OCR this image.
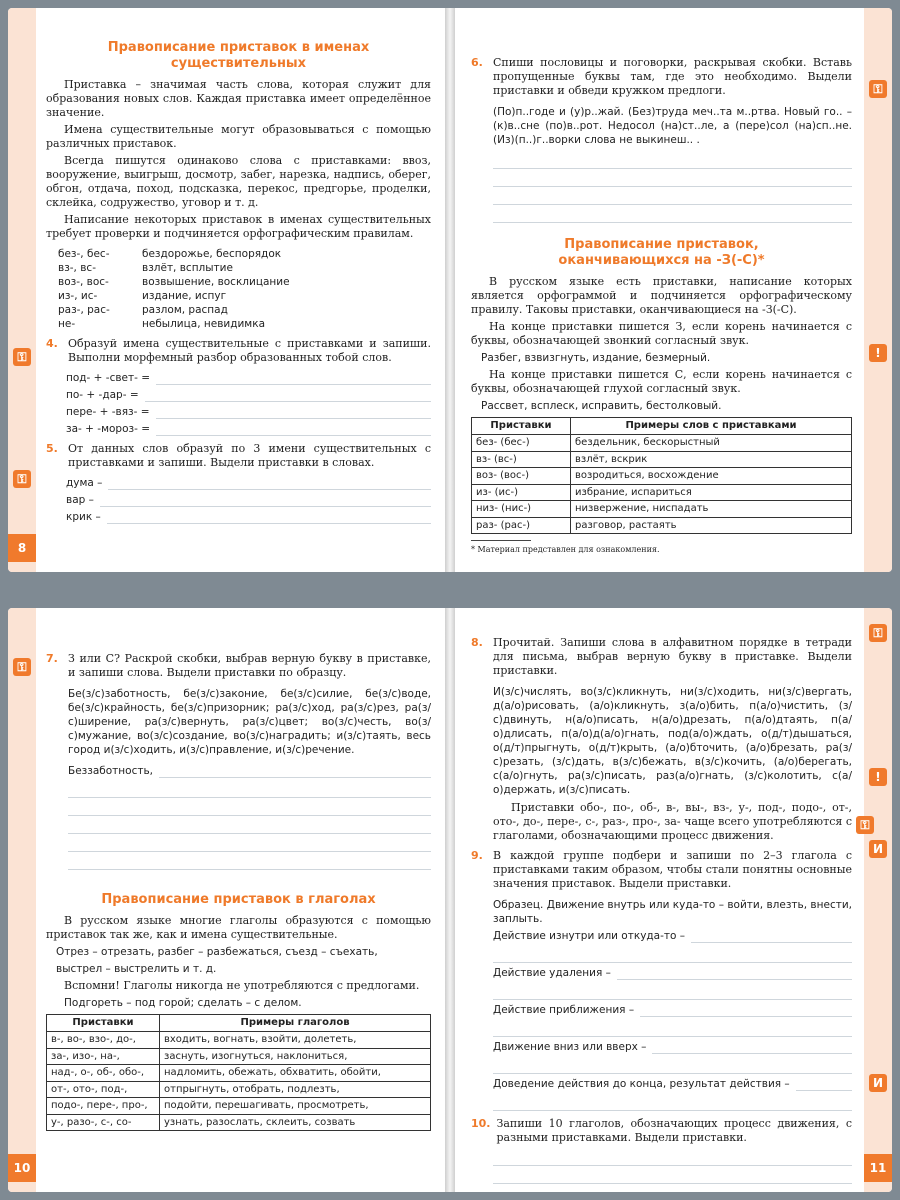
⚿
⚿
8
Правописание приставок в именах существительных

Приставка – значимая часть слова, которая служит для образования новых слов. Каждая приставка имеет определённое значение.

Имена существительные могут образовываться с помощью различных приставок.

Всегда пишутся одинаково слова с приставками: ввоз, вооружение, выигрыш, досмотр, забег, нарезка, надпись, оберег, обгон, отдача, поход, подсказка, перекос, предгорье, проделки, склейка, содружество, уговор и т. д.

Написание некоторых приставок в именах существительных требует проверки и подчиняется орфографическим правилам.

без-, бес-	бездорожье, беспорядок
вз-, вс-	взлёт, всплытие
воз-, вос-	возвышение, восклицание
из-, ис-	издание, испуг
раз-, рас-	разлом, распад
не-	небылица, невидимка
4. Образуй имена существительные с приставками и запиши. Выполни морфемный разбор образованных тобой слов.

под- + -свет- =
по- + -дар- =
пере- + -вяз- =
за- + -мороз- =
5. От данных слов образуй по 3 имени существительных с приставками и запиши. Выдели приставки в словах.

дума –
вар –
крик –
⚿
!
6. Спиши пословицы и поговорки, раскрывая скобки. Вставь пропущенные буквы там, где это необходимо. Выдели приставки и обведи кружком предлоги.

(По)п..годе и (у)р..жай. (Без)труда меч..та м..ртва. Новый го.. – (к)в..сне (по)в..рот. Недосол (на)ст..ле, а (пере)сол (на)сп..не. (Из)(п..)г..ворки слова не выкинеш.. .

Правописание приставок, оканчивающихся на -З(-С)*

В русском языке есть приставки, написание которых является орфограммой и подчиняется орфографическому правилу. Таковы приставки, оканчивающиеся на -З(-С).

На конце приставки пишется З, если корень начинается с буквы, обозначающей звонкий согласный звук.

Разбег, взвизгнуть, издание, безмерный.

На конце приставки пишется С, если корень начинается с буквы, обозначающей глухой согласный звук.

Рассвет, всплеск, исправить, бестолковый.

Приставки	Примеры слов с приставками
без- (бес-)	бездельник, бескорыстный
вз- (вс-)	взлёт, вскрик
воз- (вос-)	возродиться, восхождение
из- (ис-)	избрание, испариться
низ- (нис-)	низвержение, ниспадать
раз- (рас-)	разговор, растаять
* Материал представлен для ознакомления.
⚿
10
7. З или С? Раскрой скобки, выбрав верную букву в приставке, и запиши слова. Выдели приставки по образцу.

Бе(з/с)заботность, бе(з/с)законие, бе(з/с)силие, бе(з/с)воде, бе(з/с)крайность, бе(з/с)призорник; ра(з/с)ход, ра(з/с)рез, ра(з/с)ширение, ра(з/с)вернуть, ра(з/с)цвет; во(з/с)честь, во(з/с)мужание, во(з/с)создание, во(з/с)наградить; и(з/с)таять, весь город и(з/с)ходить, и(з/с)правление, и(з/с)речение.

Беззаботность,
Правописание приставок в глаголах

В русском языке многие глаголы образуются с помощью приставок так же, как и имена существительные.

Отрез – отрезать, разбег – разбежаться, съезд – съехать,

выстрел – выстрелить и т. д.

Вспомни! Глаголы никогда не употребляются с предлогами.

Подгореть – под горой; сделать – с делом.

Приставки	Примеры глаголов
в-, во-, взо-, до-,	входить, вогнать, взойти, долететь,
за-, изо-, на-,	заснуть, изогнуться, наклониться,
над-, о-, об-, обо-,	надломить, обежать, обхватить, обойти,
от-, ото-, под-,	отпрыгнуть, отобрать, подлезть,
подо-, пере-, про-,	подойти, перешагивать, просмотреть,
у-, разо-, с-, со-	узнать, разослать, склеить, созвать
⚿
!
⚿
И
И
11
8. Прочитай. Запиши слова в алфавитном порядке в тетради для письма, выбрав верную букву в приставке. Выдели приставки.

И(з/с)числять, во(з/с)кликнуть, ни(з/с)ходить, ни(з/с)вергать, д(а/о)рисовать, (а/о)кликнуть, з(а/о)бить, п(а/о)чистить, (з/с)двинуть, н(а/о)писать, н(а/о)дрезать, п(а/о)дтаять, п(а/о)длисать, п(а/о)д(а/о)гнать, под(а/о)ждать, о(д/т)дышаться, о(д/т)прыгнуть, о(д/т)крыть, (а/о)бточить, (а/о)брезать, ра(з/с)резать, (з/с)дать, в(з/с)бежать, в(з/с)кочить, (а/о)берегать, с(а/о)гнуть, ра(з/с)писать, раз(а/о)гнать, (з/с)колотить, с(а/о)держать, и(з/с)писать.

Приставки обо-, по-, об-, в-, вы-, вз-, у-, под-, подо-, от-, ото-, до-, пере-, с-, раз-, про-, за- чаще всего употребляются с глаголами, обозначающими процесс движения.

9. В каждой группе подбери и запиши по 2–3 глагола с приставками таким образом, чтобы стали понятны основные значения приставок. Выдели приставки.

Образец. Движение внутрь или куда-то – войти, влезть, внести, заплыть.

Действие изнутри или откуда-то –
Действие удаления –
Действие приближения –
Движение вниз или вверх –
Доведение действия до конца, результат действия –
10. Запиши 10 глаголов, обозначающих процесс движения, с разными приставками. Выдели приставки.
